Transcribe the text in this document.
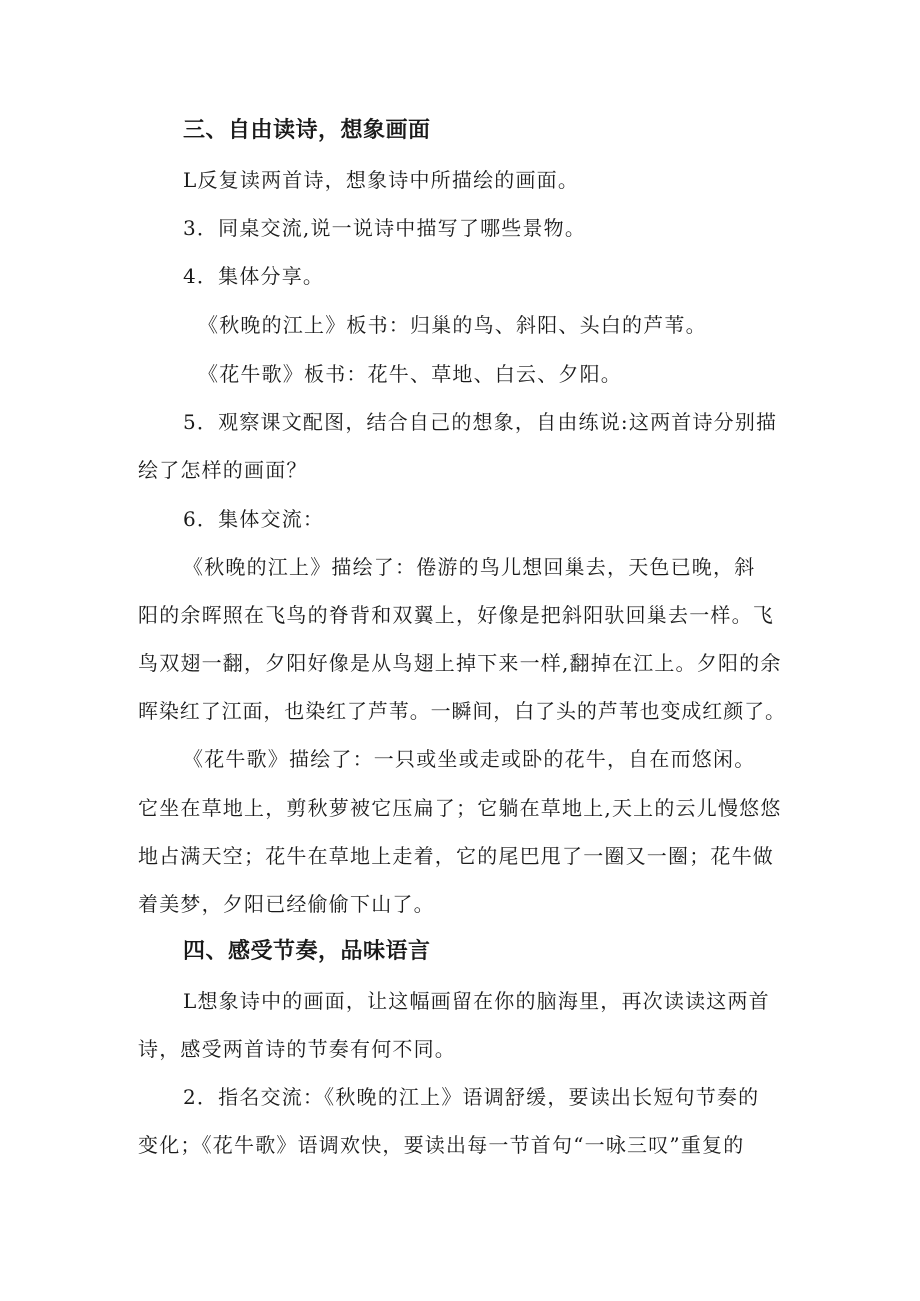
三、自由读诗，想象画面
L反复读两首诗，想象诗中所描绘的画面。
3．同桌交流,说一说诗中描写了哪些景物。
4．集体分享。
《秋晚的江上》板书：归巢的鸟、斜阳、头白的芦苇。
《花牛歌》板书：花牛、草地、白云、夕阳。
5．观察课文配图，结合自己的想象，自由练说:这两首诗分别描
绘了怎样的画面？
6．集体交流：
《秋晚的江上》描绘了：倦游的鸟儿想回巢去，天色已晚，斜
阳的余晖照在飞鸟的脊背和双翼上，好像是把斜阳驮回巢去一样。飞
鸟双翅一翻，夕阳好像是从鸟翅上掉下来一样,翻掉在江上。夕阳的余
晖染红了江面，也染红了芦苇。一瞬间，白了头的芦苇也变成红颜了。
《花牛歌》描绘了：一只或坐或走或卧的花牛，自在而悠闲。
它坐在草地上，剪秋萝被它压扁了；它躺在草地上,天上的云儿慢悠悠
地占满天空；花牛在草地上走着，它的尾巴甩了一圈又一圈；花牛做
着美梦，夕阳已经偷偷下山了。
四、感受节奏，品味语言
L想象诗中的画面，让这幅画留在你的脑海里，再次读读这两首
诗，感受两首诗的节奏有何不同。
2．指名交流：《秋晚的江上》语调舒缓，要读出长短句节奏的
变化；《花牛歌》语调欢快，要读出每一节首句“一咏三叹”重复的
